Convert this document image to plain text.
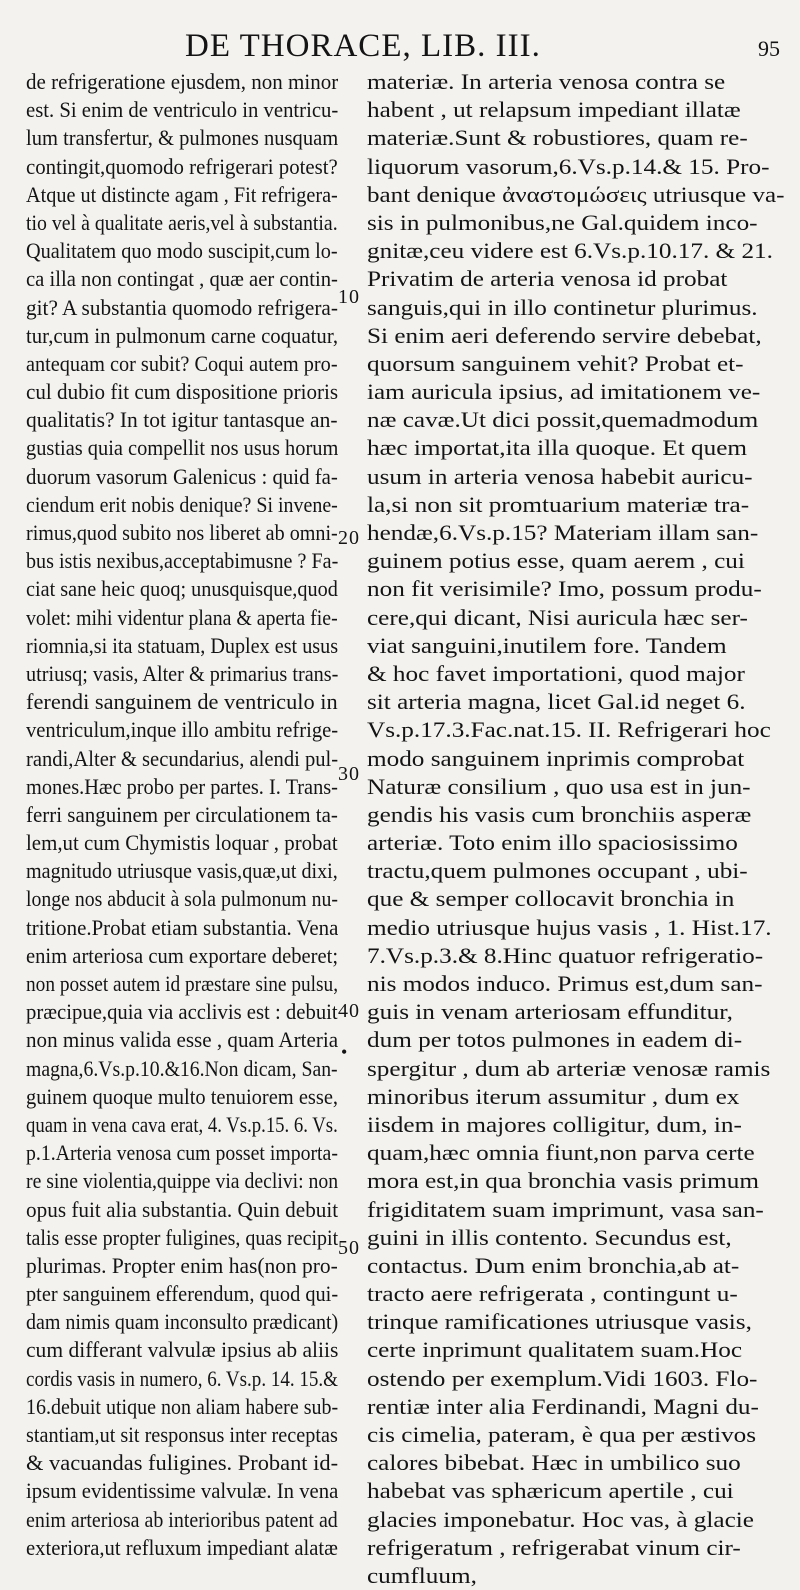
DE THORACE, LIB. III.	95
de refrigeratione ejusdem, non minor
est. Si enim de ventriculo in ventricu-
lum transfertur, & pulmones nusquam
contingit,quomodo refrigerari potest?
Atque ut distincte agam , Fit refrigera-
tio vel à qualitate aeris,vel à substantia.
Qualitatem quo modo suscipit,cum lo-
ca illa non contingat , quæ aer contin-
git? A substantia quomodo refrigera-
tur,cum in pulmonum carne coquatur,
antequam cor subit? Coqui autem pro-
cul dubio fit cum dispositione prioris
qualitatis? In tot igitur tantasque an-
gustias quia compellit nos usus horum
duorum vasorum Galenicus : quid fa-
ciendum erit nobis denique? Si invene-
rimus,quod subito nos liberet ab omni-
bus istis nexibus,acceptabimusne ? Fa-
ciat sane heic quoq; unusquisque,quod
volet: mihi videntur plana & aperta fie-
riomnia,si ita statuam, Duplex est usus
utriusq; vasis, Alter & primarius trans-
ferendi sanguinem de ventriculo in
ventriculum,inque illo ambitu refrige-
randi,Alter & secundarius, alendi pul-
mones.Hæc probo per partes. I. Trans-
ferri sanguinem per circulationem ta-
lem,ut cum Chymistis loquar , probat
magnitudo utriusque vasis,quæ,ut dixi,
longe nos abducit à sola pulmonum nu-
tritione.Probat etiam substantia. Vena
enim arteriosa cum exportare deberet;
non posset autem id præstare sine pulsu,
præcipue,quia via acclivis est : debuit
non minus valida esse , quam Arteria
magna,6.Vs.p.10.&16.Non dicam, San-
guinem quoque multo tenuiorem esse,
quam in vena cava erat, 4. Vs.p.15. 6. Vs.
p.1.Arteria venosa cum posset importa-
re sine violentia,quippe via declivi: non
opus fuit alia substantia. Quin debuit
talis esse propter fuligines, quas recipit
plurimas. Propter enim has(non pro-
pter sanguinem efferendum, quod qui-
dam nimis quam inconsulto prædicant)
cum differant valvulæ ipsius ab aliis
cordis vasis in numero, 6. Vs.p. 14. 15.&
16.debuit utique non aliam habere sub-
stantiam,ut sit responsus inter receptas
& vacuandas fuligines. Probant id-
ipsum evidentissime valvulæ. In vena
enim arteriosa ab interioribus patent ad
exteriora,ut refluxum impediant alatæ
10
20
30
40
•
50
materiæ. In arteria venosa contra se
habent , ut relapsum impediant illatæ
materiæ.Sunt & robustiores, quam re-
liquorum vasorum,6.Vs.p.14.& 15. Pro-
bant denique ἀναστομώσεις utriusque va-
sis in pulmonibus,ne Gal.quidem inco-
gnitæ,ceu videre est 6.Vs.p.10.17. & 21.
Privatim de arteria venosa id probat
sanguis,qui in illo continetur plurimus.
Si enim aeri deferendo servire debebat,
quorsum sanguinem vehit? Probat et-
iam auricula ipsius, ad imitationem ve-
næ cavæ.Ut dici possit,quemadmodum
hæc importat,ita illa quoque. Et quem
usum in arteria venosa habebit auricu-
la,si non sit promtuarium materiæ tra-
hendæ,6.Vs.p.15? Materiam illam san-
guinem potius esse, quam aerem , cui
non fit verisimile? Imo, possum produ-
cere,qui dicant, Nisi auricula hæc ser-
viat sanguini,inutilem fore. Tandem
& hoc favet importationi, quod major
sit arteria magna, licet Gal.id neget 6.
Vs.p.17.3.Fac.nat.15. II. Refrigerari hoc
modo sanguinem inprimis comprobat
Naturæ consilium , quo usa est in jun-
gendis his vasis cum bronchiis asperæ
arteriæ. Toto enim illo spaciosissimo
tractu,quem pulmones occupant , ubi-
que & semper collocavit bronchia in
medio utriusque hujus vasis , 1. Hist.17.
7.Vs.p.3.& 8.Hinc quatuor refrigeratio-
nis modos induco. Primus est,dum san-
guis in venam arteriosam effunditur,
dum per totos pulmones in eadem di-
spergitur , dum ab arteriæ venosæ ramis
minoribus iterum assumitur , dum ex
iisdem in majores colligitur, dum, in-
quam,hæc omnia fiunt,non parva certe
mora est,in qua bronchia vasis primum
frigiditatem suam imprimunt, vasa san-
guini in illis contento. Secundus est,
contactus. Dum enim bronchia,ab at-
tracto aere refrigerata , contingunt u-
trinque ramificationes utriusque vasis,
certe inprimunt qualitatem suam.Hoc
ostendo per exemplum.Vidi 1603. Flo-
rentiæ inter alia Ferdinandi, Magni du-
cis cimelia, pateram, è qua per æstivos
calores bibebat. Hæc in umbilico suo
habebat vas sphæricum apertile , cui
glacies imponebatur. Hoc vas, à glacie
refrigeratum , refrigerabat vinum cir-
cumfluum,
